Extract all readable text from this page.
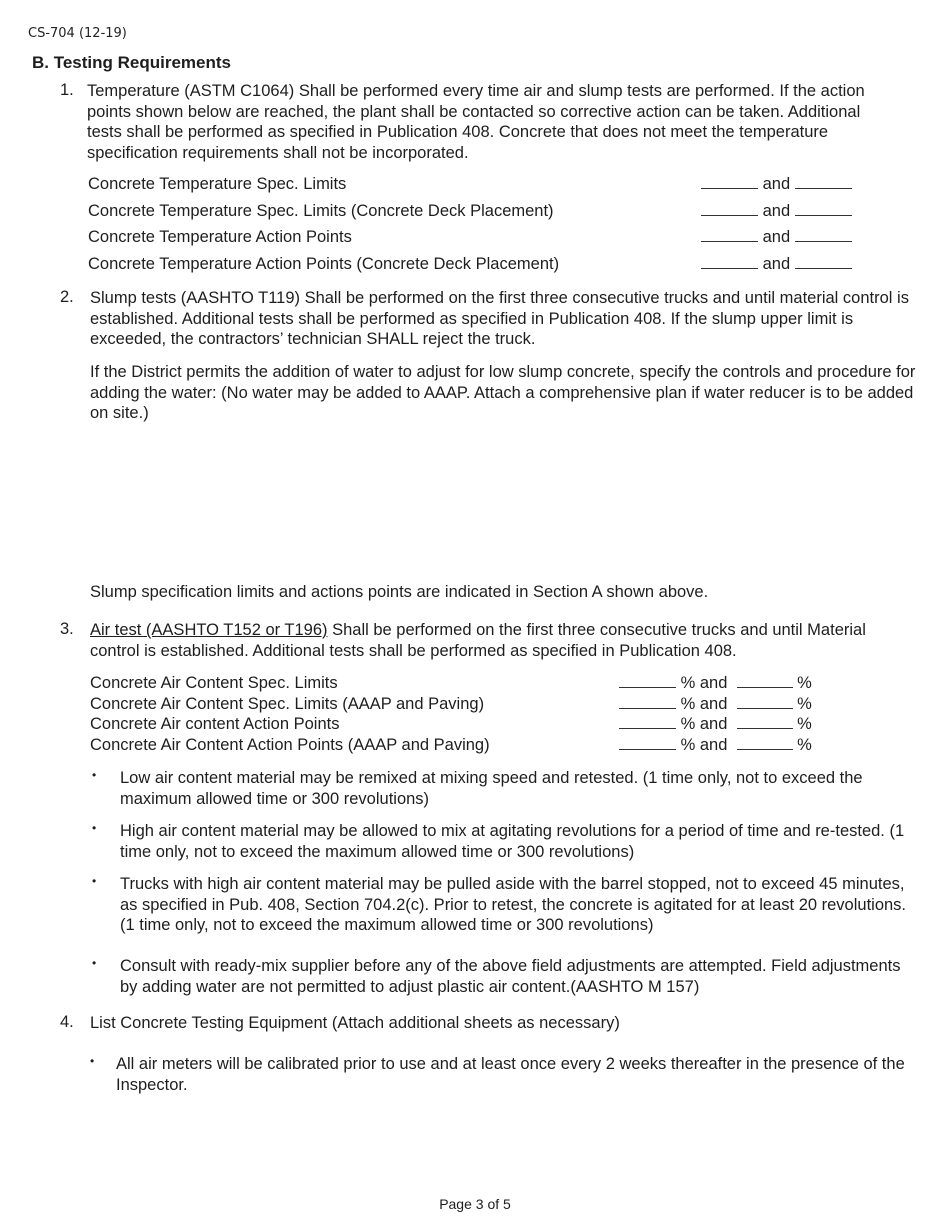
CS-704 (12-19)
B. Testing Requirements
1. Temperature (ASTM C1064) Shall be performed every time air and slump tests are performed. If the action points shown below are reached, the plant shall be contacted so corrective action can be taken. Additional tests shall be performed as specified in Publication 408. Concrete that does not meet the temperature specification requirements shall not be incorporated.
Concrete Temperature Spec. Limits	and
Concrete Temperature Spec. Limits (Concrete Deck Placement)	and
Concrete Temperature Action Points	and
Concrete Temperature Action Points (Concrete Deck Placement)	and
2. Slump tests (AASHTO T119) Shall be performed on the first three consecutive trucks and until material control is established. Additional tests shall be performed as specified in Publication 408. If the slump upper limit is exceeded, the contractors’ technician SHALL reject the truck.
If the District permits the addition of water to adjust for low slump concrete, specify the controls and procedure for adding the water: (No water may be added to AAAP. Attach a comprehensive plan if water reducer is to be added on site.)
Slump specification limits and actions points are indicated in Section A shown above.
3. Air test (AASHTO T152 or T196) Shall be performed on the first three consecutive trucks and until Material control is established. Additional tests shall be performed as specified in Publication 408.
Concrete Air Content Spec. Limits	% and	%
Concrete Air Content Spec. Limits (AAAP and Paving)	% and	%
Concrete Air content Action Points	% and	%
Concrete Air Content Action Points (AAAP and Paving)	% and	%
•	Low air content material may be remixed at mixing speed and retested. (1 time only, not to exceed the maximum allowed time or 300 revolutions)
•	High air content material may be allowed to mix at agitating revolutions for a period of time and re-tested. (1 time only, not to exceed the maximum allowed time or 300 revolutions)
•	Trucks with high air content material may be pulled aside with the barrel stopped, not to exceed 45 minutes, as specified in Pub. 408, Section 704.2(c). Prior to retest, the concrete is agitated for at least 20 revolutions. (1 time only, not to exceed the maximum allowed time or 300 revolutions)
•	Consult with ready-mix supplier before any of the above field adjustments are attempted. Field adjustments by adding water are not permitted to adjust plastic air content.(AASHTO M 157)
4. List Concrete Testing Equipment (Attach additional sheets as necessary)
•	All air meters will be calibrated prior to use and at least once every 2 weeks thereafter in the presence of the Inspector.
Page 3 of 5
